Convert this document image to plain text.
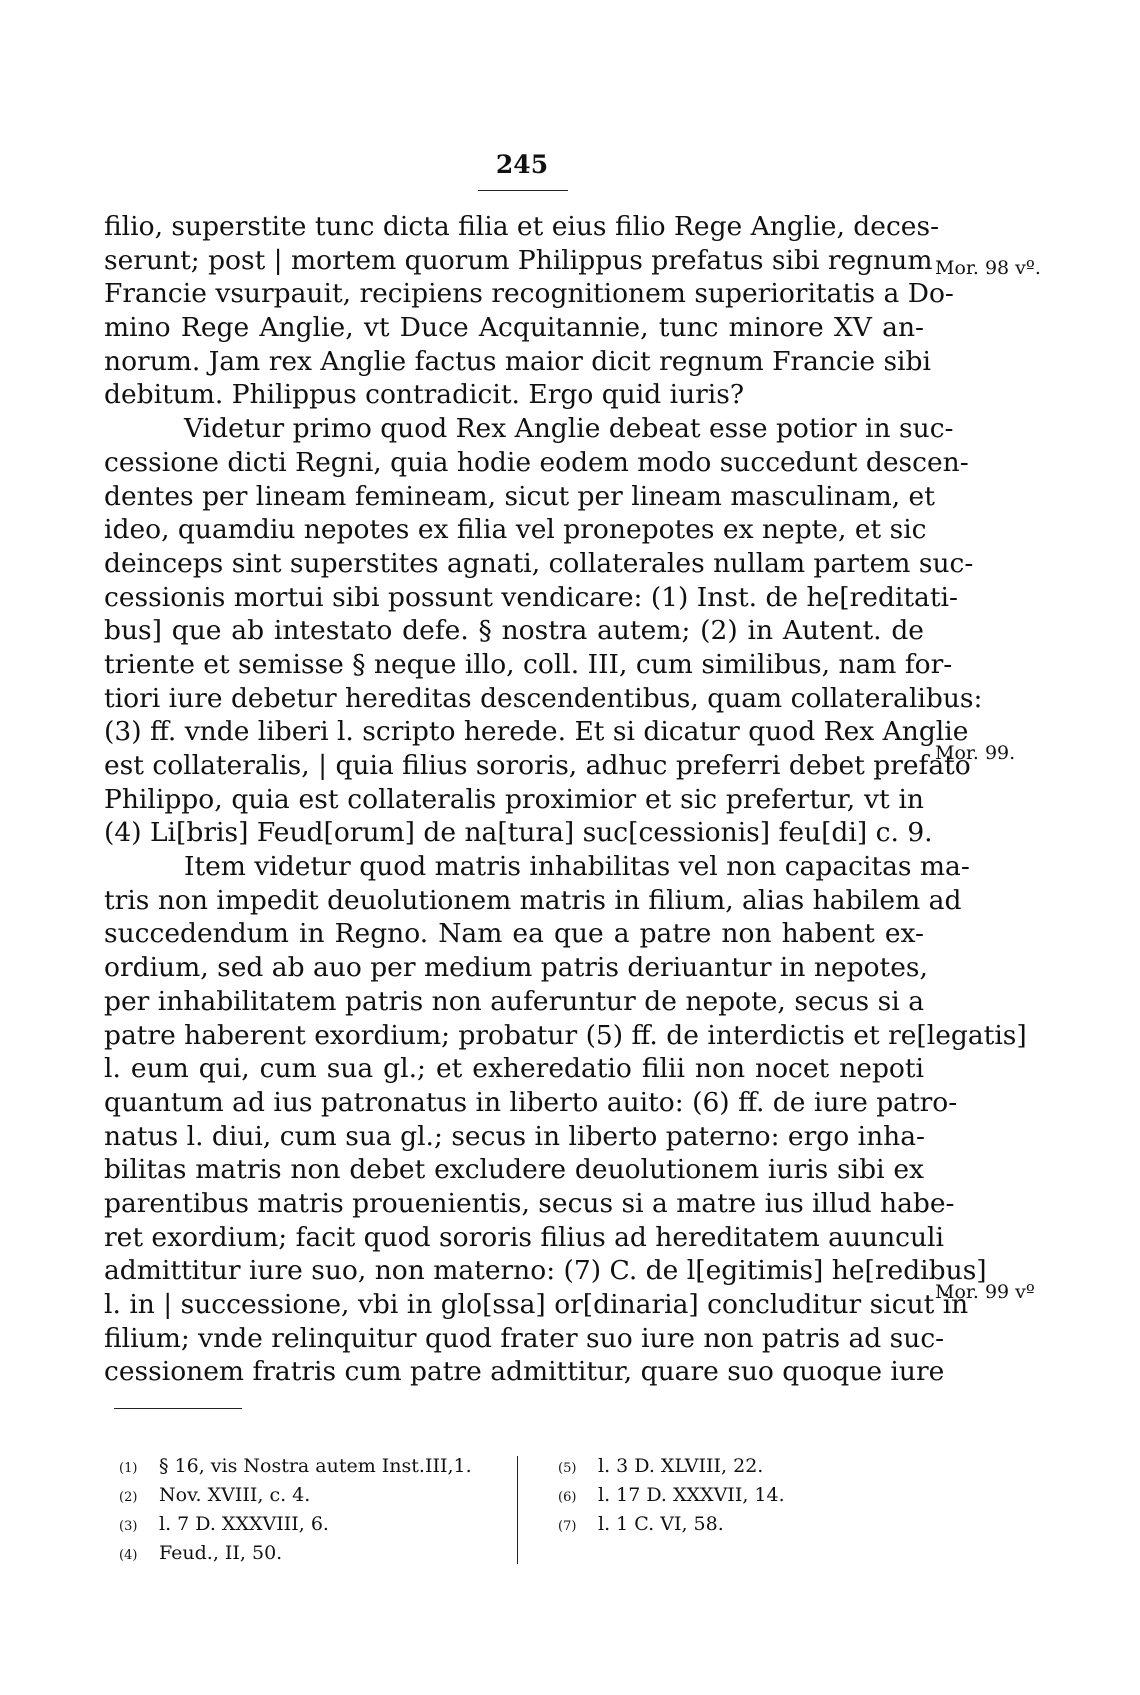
245
filio, superstite tunc dicta filia et eius filio Rege Anglie, deces-
serunt; post | mortem quorum Philippus prefatus sibi regnum
Francie vsurpauit, recipiens recognitionem superioritatis a Do-
mino Rege Anglie, vt Duce Acquitannie, tunc minore XV an-
norum. Jam rex Anglie factus maior dicit regnum Francie sibi
debitum. Philippus contradicit. Ergo quid iuris?
Videtur primo quod Rex Anglie debeat esse potior in suc-
cessione dicti Regni, quia hodie eodem modo succedunt descen-
dentes per lineam femineam, sicut per lineam masculinam, et
ideo, quamdiu nepotes ex filia vel pronepotes ex nepte, et sic
deinceps sint superstites agnati, collaterales nullam partem suc-
cessionis mortui sibi possunt vendicare: (1) Inst. de he[reditati-
bus] que ab intestato defe. § nostra autem; (2) in Autent. de
triente et semisse § neque illo, coll. III, cum similibus, nam for-
tiori iure debetur hereditas descendentibus, quam collateralibus:
(3) ff. vnde liberi l. scripto herede. Et si dicatur quod Rex Anglie
est collateralis, | quia filius sororis, adhuc preferri debet prefato
Philippo, quia est collateralis proximior et sic prefertur, vt in
(4) Li[bris] Feud[orum] de na[tura] suc[cessionis] feu[di] c. 9.
Item videtur quod matris inhabilitas vel non capacitas ma-
tris non impedit deuolutionem matris in filium, alias habilem ad
succedendum in Regno. Nam ea que a patre non habent ex-
ordium, sed ab auo per medium patris deriuantur in nepotes,
per inhabilitatem patris non auferuntur de nepote, secus si a
patre haberent exordium; probatur (5) ff. de interdictis et re[legatis]
l. eum qui, cum sua gl.; et exheredatio filii non nocet nepoti
quantum ad ius patronatus in liberto auito: (6) ff. de iure patro-
natus l. diui, cum sua gl.; secus in liberto paterno: ergo inha-
bilitas matris non debet excludere deuolutionem iuris sibi ex
parentibus matris prouenientis, secus si a matre ius illud habe-
ret exordium; facit quod sororis filius ad hereditatem auunculi
admittitur iure suo, non materno: (7) C. de l[egitimis] he[redibus]
l. in | successione, vbi in glo[ssa] or[dinaria] concluditur sicut in
filium; vnde relinquitur quod frater suo iure non patris ad suc-
cessionem fratris cum patre admittitur, quare suo quoque iure
Mor. 98 vº.
Mor. 99.
Mor. 99 vº
(1) § 16, vis Nostra autem Inst.III,1.
(2) Nov. XVIII, c. 4.
(3) l. 7 D. XXXVIII, 6.
(4) Feud., II, 50.
(5) l. 3 D. XLVIII, 22.
(6) l. 17 D. XXXVII, 14.
(7) l. 1 C. VI, 58.
